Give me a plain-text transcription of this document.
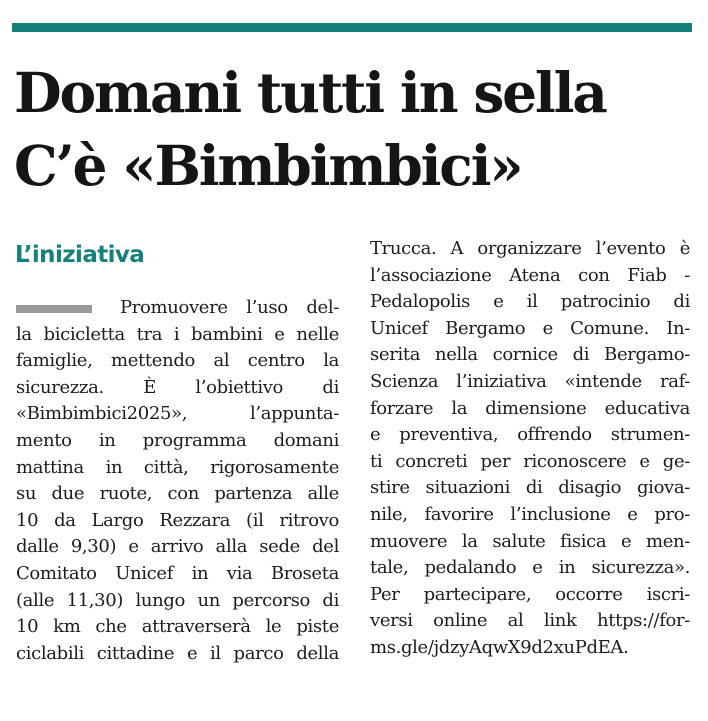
Domani tutti in sella
C’è «Bimbimbici»
L’iniziativa
Promuovere l’uso del-
la bicicletta tra i bambini e nelle
famiglie, mettendo al centro la
sicurezza. È l’obiettivo di
«Bimbimbici2025», l’appunta-
mento in programma domani
mattina in città, rigorosamente
su due ruote, con partenza alle
10 da Largo Rezzara (il ritrovo
dalle 9,30) e arrivo alla sede del
Comitato Unicef in via Broseta
(alle 11,30) lungo un percorso di
10 km che attraverserà le piste
ciclabili cittadine e il parco della
Trucca. A organizzare l’evento è
l’associazione Atena con Fiab -
Pedalopolis e il patrocinio di
Unicef Bergamo e Comune. In-
serita nella cornice di Bergamo-
Scienza l’iniziativa «intende raf-
forzare la dimensione educativa
e preventiva, offrendo strumen-
ti concreti per riconoscere e ge-
stire situazioni di disagio giova-
nile, favorire l’inclusione e pro-
muovere la salute fisica e men-
tale, pedalando e in sicurezza».
Per partecipare, occorre iscri-
versi online al link https://for-
ms.gle/jdzyAqwX9d2xuPdEA.
